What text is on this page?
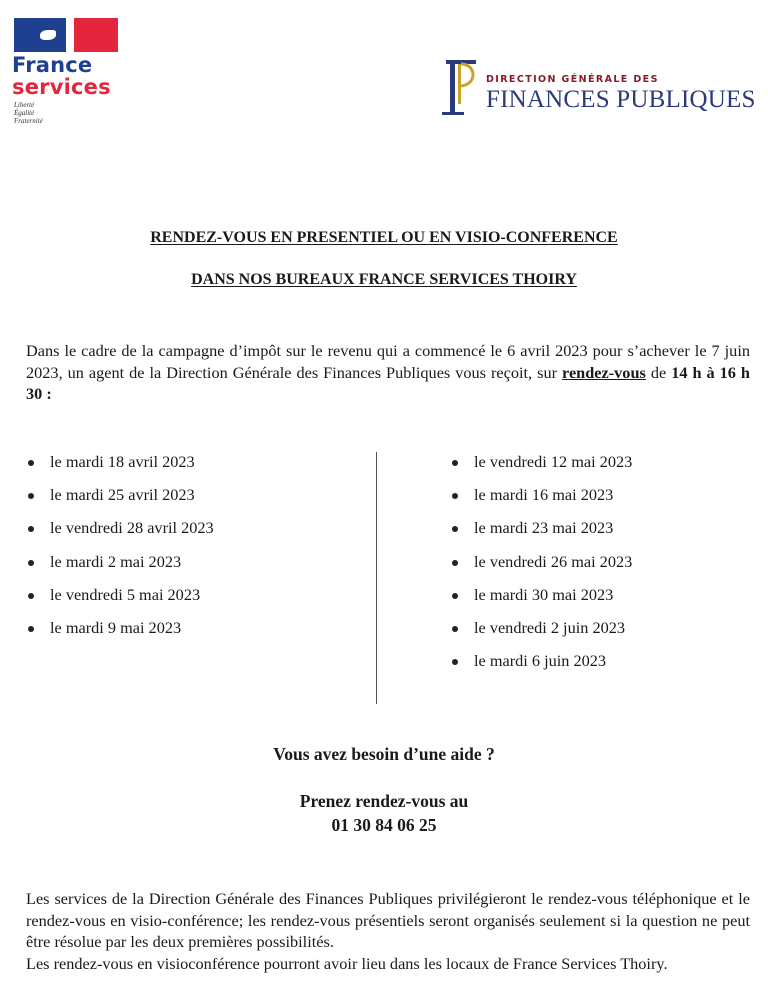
France
services
Liberté
Égalité
Fraternité
DIRECTION GÉNÉRALE DES
FINANCES PUBLIQUES
RENDEZ-VOUS EN PRESENTIEL OU EN VISIO-CONFERENCE
DANS NOS BUREAUX FRANCE SERVICES THOIRY
Dans le cadre de la campagne d’impôt sur le revenu qui a commencé le 6 avril 2023 pour s’achever le 7 juin 2023, un agent de la Direction Générale des Finances Publiques vous reçoit, sur rendez-vous de 14 h à 16 h 30 :
le mardi 18 avril 2023
le mardi 25 avril 2023
le vendredi 28 avril 2023
le mardi 2 mai 2023
le vendredi 5 mai 2023
le mardi 9 mai 2023
le vendredi 12 mai 2023
le mardi 16 mai 2023
le mardi 23 mai 2023
le vendredi 26 mai 2023
le mardi 30 mai 2023
le vendredi 2 juin 2023
le mardi 6 juin 2023
Vous avez besoin d’une aide ?
Prenez rendez-vous au
01 30 84 06 25

Les services de la Direction Générale des Finances Publiques privilégieront le rendez-vous téléphonique et le rendez-vous en visio-conférence; les rendez-vous présentiels seront organisés seulement si la question ne peut être résolue par les deux premières possibilités.

Les rendez-vous en visioconférence pourront avoir lieu dans les locaux de France Services Thoiry.
